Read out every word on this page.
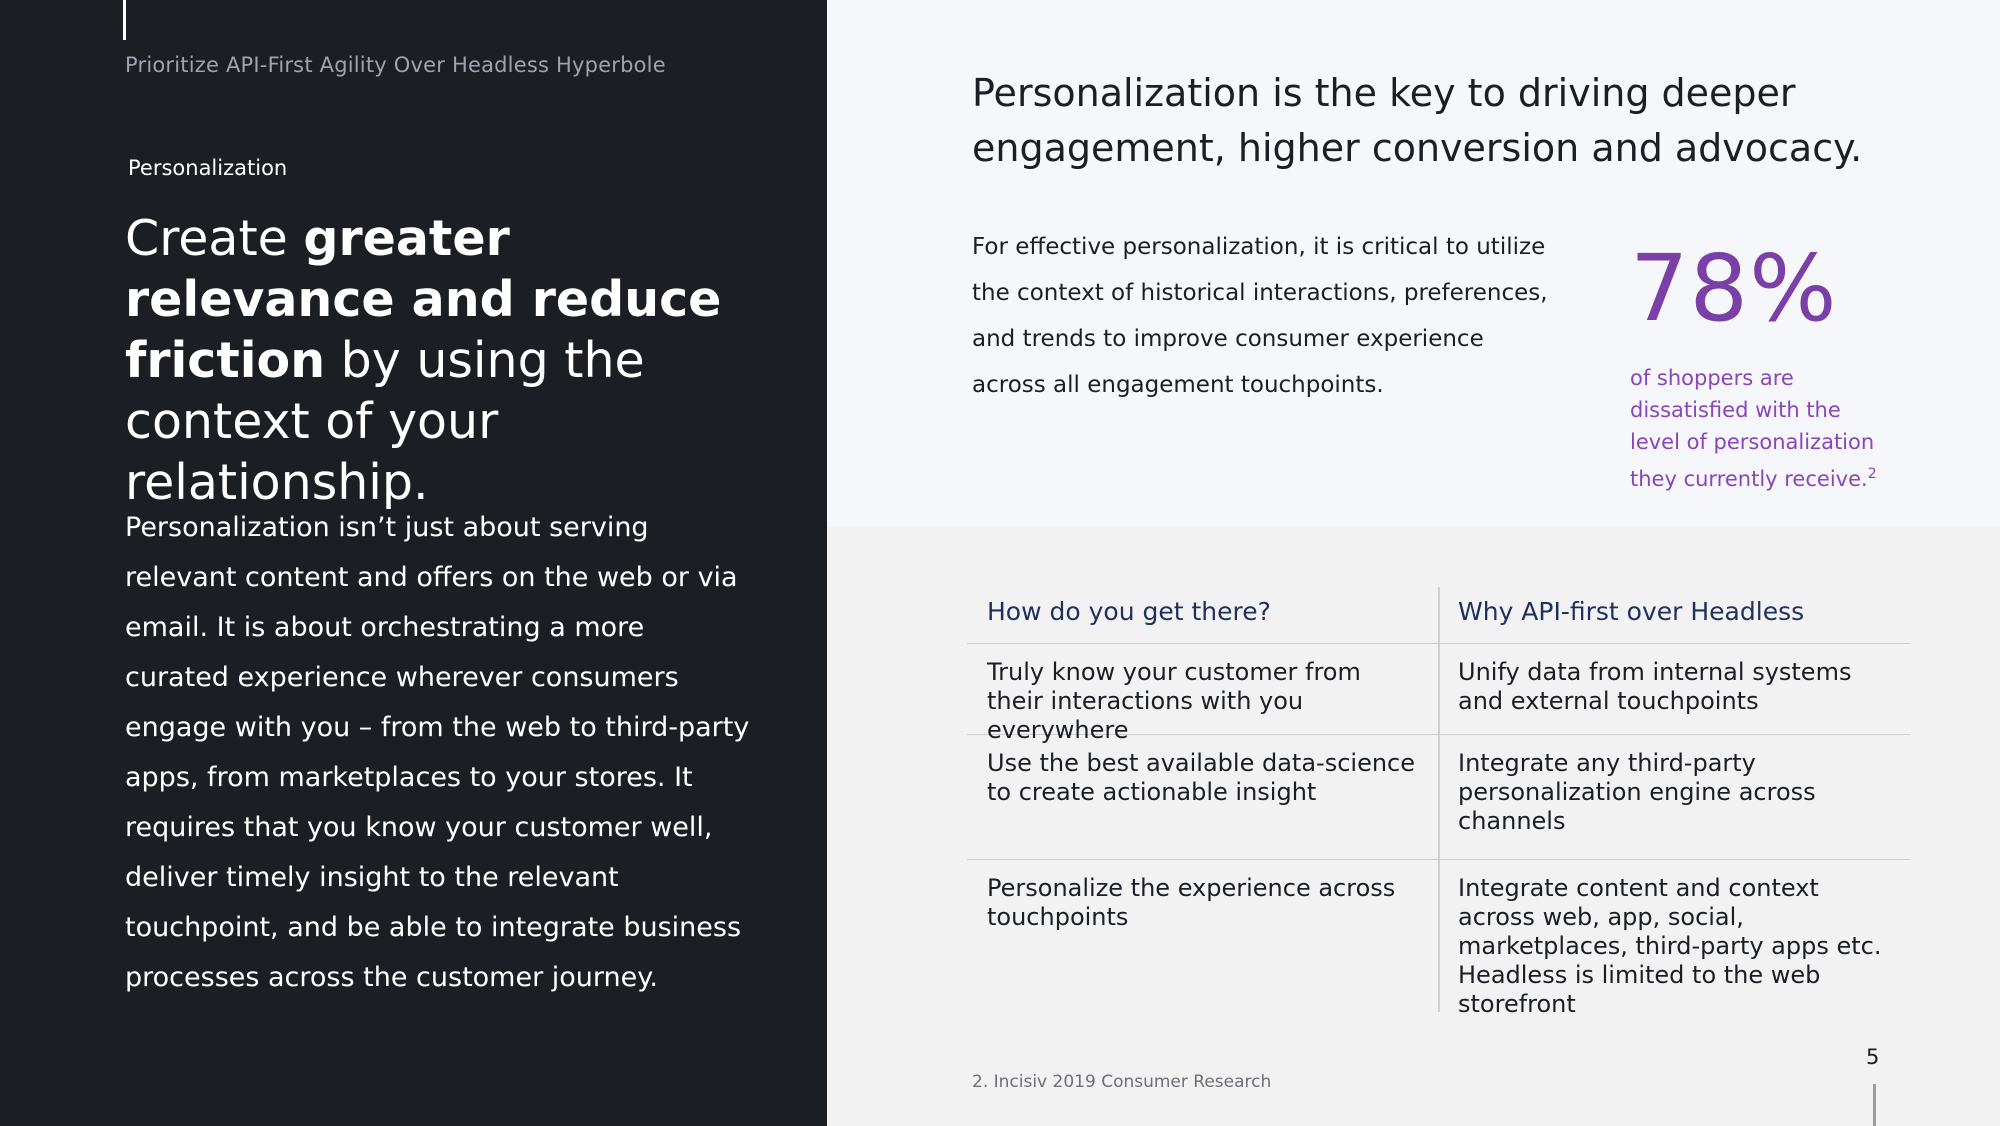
Prioritize API-First Agility Over Headless Hyperbole
Personalization
Create greater relevance and reduce friction by using the context of your relationship.

Personalization isn’t just about serving relevant content and offers on the web or via email. It is about orchestrating a more curated experience wherever consumers engage with you – from the web to third-party apps, from marketplaces to your stores. It requires that you know your customer well, deliver timely insight to the relevant touchpoint, and be able to integrate business processes across the customer journey.

Personalization is the key to driving deeper engagement, higher conversion and advocacy.

For effective personalization, it is critical to utilize the context of historical interactions, preferences, and trends to improve consumer experience across all engagement touchpoints.

78%

of shoppers are dissatisfied with the level of personalization they currently receive.$^2$

How do you get there?	Why API-first over Headless
Truly know your customer from their interactions with you everywhere
Unify data from internal systems and external touchpoints
Use the best available data-science to create actionable insight
Integrate any third-party personalization engine across channels
Personalize the experience across touchpoints
Integrate content and context across web, app, social, marketplaces, third-party apps etc. Headless is limited to the web storefront
2. Incisiv 2019 Consumer Research
5
